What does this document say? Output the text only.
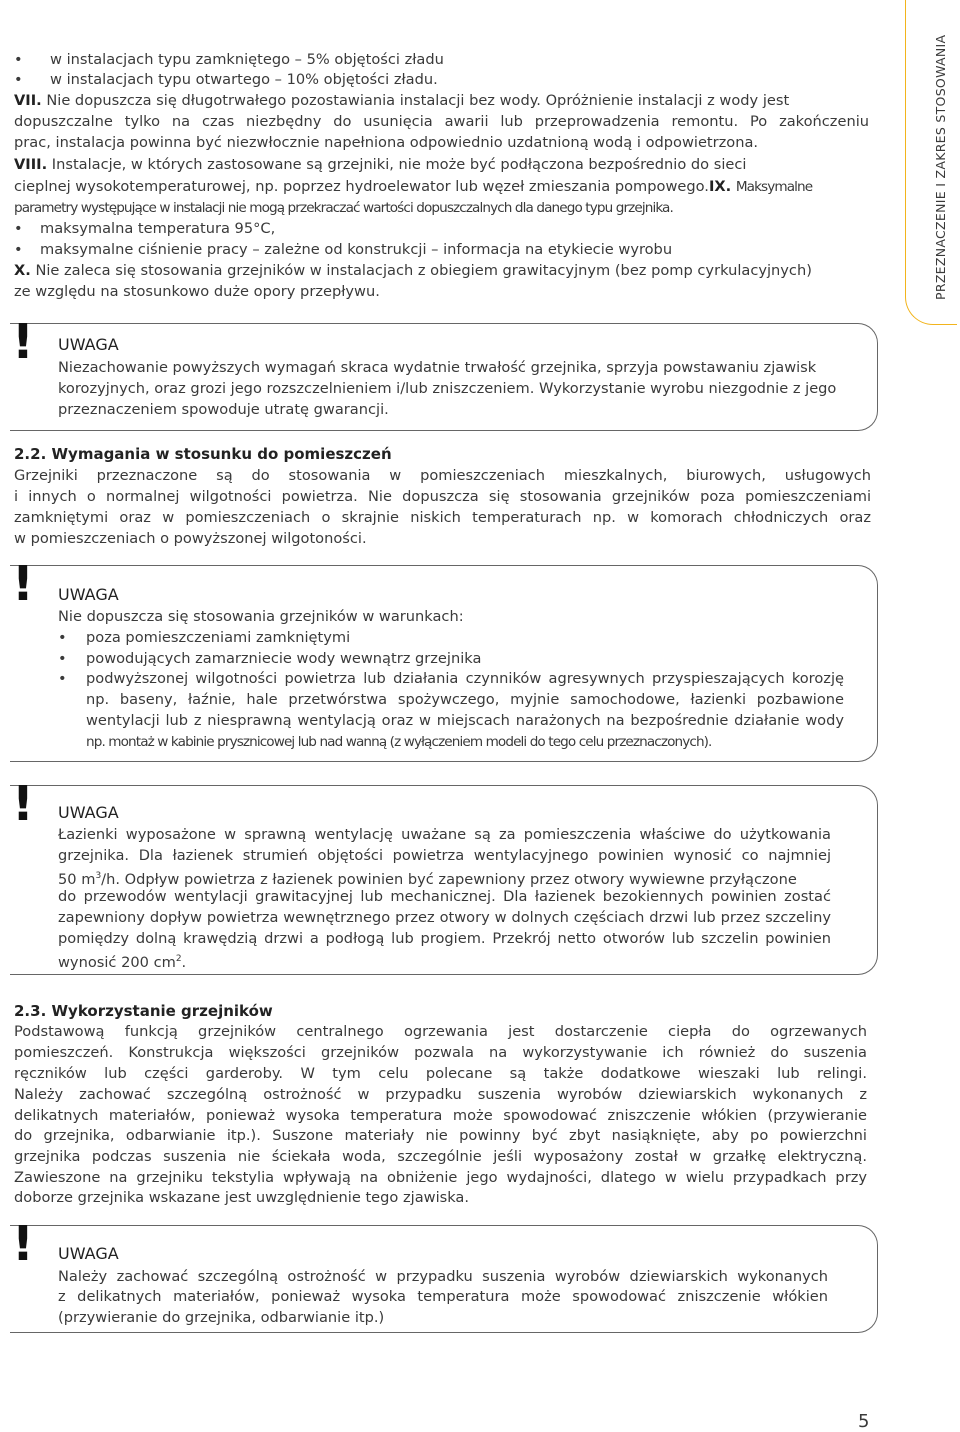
PRZEZNACZENIE I ZAKRES STOSOWANIA
• w instalacjach typu zamkniętego – 5% objętości zładu
• w instalacjach typu otwartego – 10% objętości zładu.
VII. Nie dopuszcza się długotrwałego pozostawiania instalacji bez wody. Opróżnienie instalacji z wody jest
dopuszczalne tylko na czas niezbędny do usunięcia awarii lub przeprowadzenia remontu. Po zakończeniu
prac, instalacja powinna być niezwłocznie napełniona odpowiednio uzdatnioną wodą i odpowietrzona.
VIII. Instalacje, w których zastosowane są grzejniki, nie może być podłączona bezpośrednio do sieci
cieplnej wysokotemperaturowej, np. poprzez hydroelewator lub węzeł zmieszania pompowego.IX. Maksymalne
parametry występujące w instalacji nie mogą przekraczać wartości dopuszczalnych dla danego typu grzejnika.
• maksymalna temperatura 95°C,
• maksymalne ciśnienie pracy – zależne od konstrukcji – informacja na etykiecie wyrobu
X. Nie zaleca się stosowania grzejników w instalacjach z obiegiem grawitacyjnym (bez pomp cyrkulacyjnych)
ze względu na stosunkowo duże opory przepływu.
! UWAGA
Niezachowanie powyższych wymagań skraca wydatnie trwałość grzejnika, sprzyja powstawaniu zjawisk
korozyjnych, oraz grozi jego rozszczelnieniem i/lub zniszczeniem. Wykorzystanie wyrobu niezgodnie z jego
przeznaczeniem spowoduje utratę gwarancji.
2.2. Wymagania w stosunku do pomieszczeń
Grzejniki przeznaczone są do stosowania w pomieszczeniach mieszkalnych, biurowych, usługowych
i innych o normalnej wilgotności powietrza. Nie dopuszcza się stosowania grzejników poza pomieszczeniami
zamkniętymi oraz w pomieszczeniach o skrajnie niskich temperaturach np. w komorach chłodniczych oraz
w pomieszczeniach o powyższonej wilgotoności.
! UWAGA
Nie dopuszcza się stosowania grzejników w warunkach:
• poza pomieszczeniami zamkniętymi
• powodujących zamarzniecie wody wewnątrz grzejnika
• podwyższonej wilgotności powietrza lub działania czynników agresywnych przyspieszających korozję
np. baseny, łaźnie, hale przetwórstwa spożywczego, myjnie samochodowe, łazienki pozbawione
wentylacji lub z niesprawną wentylacją oraz w miejscach narażonych na bezpośrednie działanie wody
np. montaż w kabinie prysznicowej lub nad wanną (z wyłączeniem modeli do tego celu przeznaczonych).
! UWAGA
Łazienki wyposażone w sprawną wentylację uważane są za pomieszczenia właściwe do użytkowania
grzejnika. Dla łazienek strumień objętości powietrza wentylacyjnego powinien wynosić co najmniej
50 $m^3/h$. Odpływ powietrza z łazienek powinien być zapewniony przez otwory wywiewne przyłączone
do przewodów wentylacji grawitacyjnej lub mechanicznej. Dla łazienek bezokiennych powinien zostać
zapewniony dopływ powietrza wewnętrznego przez otwory w dolnych częściach drzwi lub przez szczeliny
pomiędzy dolną krawędzią drzwi a podłogą lub progiem. Przekrój netto otworów lub szczelin powinien
wynosić 200 $cm^2$.
2.3. Wykorzystanie grzejników
Podstawową funkcją grzejników centralnego ogrzewania jest dostarczenie ciepła do ogrzewanych
pomieszczeń. Konstrukcja większości grzejników pozwala na wykorzystywanie ich również do suszenia
ręczników lub części garderoby. W tym celu polecane są także dodatkowe wieszaki lub relingi.
Należy zachować szczególną ostrożność w przypadku suszenia wyrobów dziewiarskich wykonanych z
delikatnych materiałów, ponieważ wysoka temperatura może spowodować zniszczenie włókien (przywieranie
do grzejnika, odbarwianie itp.). Suszone materiały nie powinny być zbyt nasiąknięte, aby po powierzchni
grzejnika podczas suszenia nie ściekała woda, szczególnie jeśli wyposażony został w grzałkę elektryczną.
Zawieszone na grzejniku tekstylia wpływają na obniżenie jego wydajności, dlatego w wielu przypadkach przy
doborze grzejnika wskazane jest uwzględnienie tego zjawiska.
! UWAGA
Należy zachować szczególną ostrożność w przypadku suszenia wyrobów dziewiarskich wykonanych
z delikatnych materiałów, ponieważ wysoka temperatura może spowodować zniszczenie włókien
(przywieranie do grzejnika, odbarwianie itp.)
5
